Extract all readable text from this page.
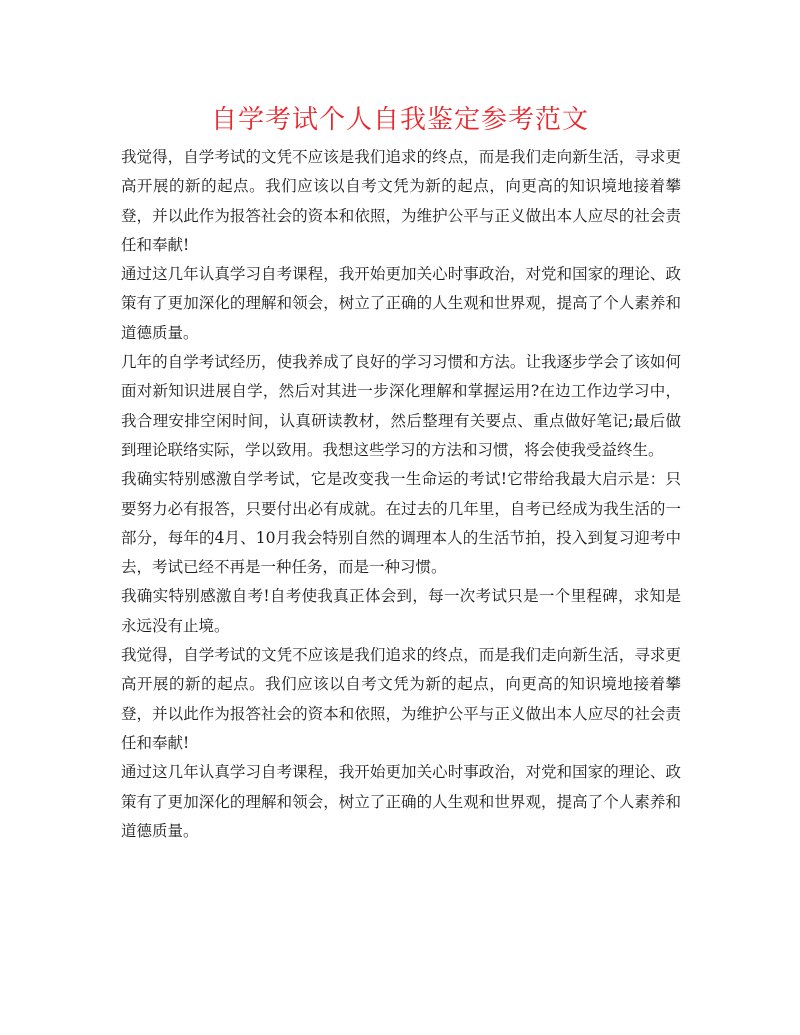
自学考试个人自我鉴定参考范文

我觉得，自学考试的文凭不应该是我们追求的终点，而是我们走向新生活，寻求更高开展的新的起点。我们应该以自考文凭为新的起点，向更高的知识境地接着攀登，并以此作为报答社会的资本和依照，为维护公平与正义做出本人应尽的社会责任和奉献!

通过这几年认真学习自考课程，我开始更加关心时事政治，对党和国家的理论、政策有了更加深化的理解和领会，树立了正确的人生观和世界观，提高了个人素养和道德质量。

几年的自学考试经历，使我养成了良好的学习习惯和方法。让我逐步学会了该如何面对新知识进展自学，然后对其进一步深化理解和掌握运用?在边工作边学习中，我合理安排空闲时间，认真研读教材，然后整理有关要点、重点做好笔记;最后做到理论联络实际，学以致用。我想这些学习的方法和习惯，将会使我受益终生。

我确实特别感激自学考试，它是改变我一生命运的考试!它带给我最大启示是：只要努力必有报答，只要付出必有成就。在过去的几年里，自考已经成为我生活的一部分，每年的4月、10月我会特别自然的调理本人的生活节拍，投入到复习迎考中去，考试已经不再是一种任务，而是一种习惯。

我确实特别感激自考!自考使我真正体会到，每一次考试只是一个里程碑，求知是永远没有止境。

我觉得，自学考试的文凭不应该是我们追求的终点，而是我们走向新生活，寻求更高开展的新的起点。我们应该以自考文凭为新的起点，向更高的知识境地接着攀登，并以此作为报答社会的资本和依照，为维护公平与正义做出本人应尽的社会责任和奉献!

通过这几年认真学习自考课程，我开始更加关心时事政治，对党和国家的理论、政策有了更加深化的理解和领会，树立了正确的人生观和世界观，提高了个人素养和道德质量。
